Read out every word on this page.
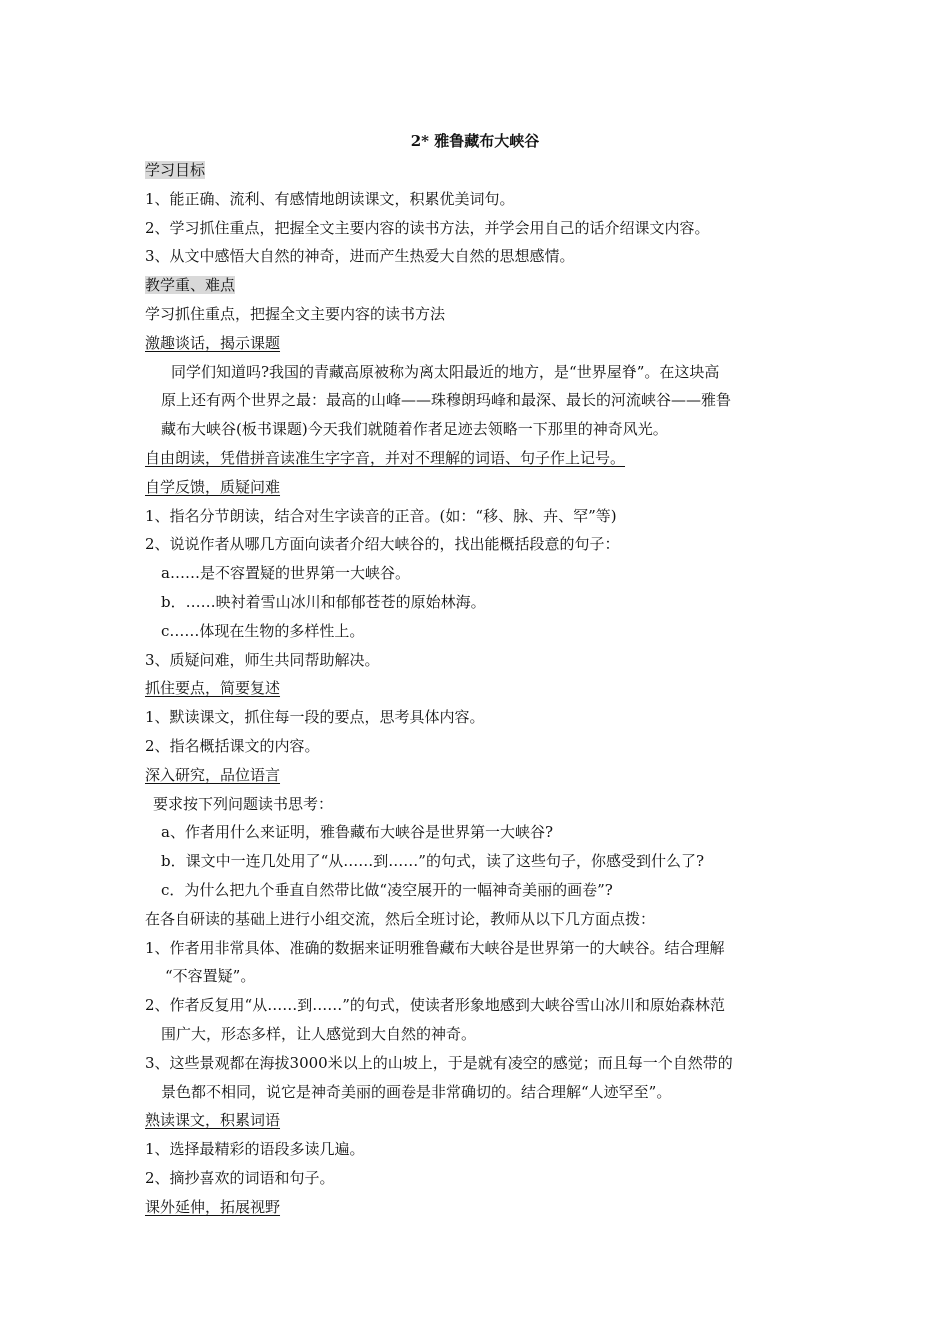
2* 雅鲁藏布大峡谷
学习目标
1、能正确、流利、有感情地朗读课文，积累优美词句。
2、学习抓住重点，把握全文主要内容的读书方法，并学会用自己的话介绍课文内容。
3、从文中感悟大自然的神奇，进而产生热爱大自然的思想感情。
教学重、难点
学习抓住重点，把握全文主要内容的读书方法
激趣谈话，揭示课题
同学们知道吗?我国的青藏高原被称为离太阳最近的地方，是“世界屋脊”。在这块高
原上还有两个世界之最：最高的山峰——珠穆朗玛峰和最深、最长的河流峡谷——雅鲁
藏布大峡谷(板书课题)今天我们就随着作者足迹去领略一下那里的神奇风光。
自由朗读，凭借拼音读准生字字音，并对不理解的词语、句子作上记号。
自学反馈，质疑问难
1、指名分节朗读，结合对生字读音的正音。(如：“移、脉、卉、罕”等)
2、说说作者从哪几方面向读者介绍大峡谷的，找出能概括段意的句子：
a……是不容置疑的世界第一大峡谷。
b．……映衬着雪山冰川和郁郁苍苍的原始林海。
c……体现在生物的多样性上。
3、质疑问难，师生共同帮助解决。
抓住要点，简要复述
1、默读课文，抓住每一段的要点，思考具体内容。
2、指名概括课文的内容。
深入研究，品位语言
要求按下列问题读书思考：
a、作者用什么来证明，雅鲁藏布大峡谷是世界第一大峡谷?
b．课文中一连几处用了“从……到……”的句式，读了这些句子，你感受到什么了?
c．为什么把九个垂直自然带比做“凌空展开的一幅神奇美丽的画卷”?
在各自研读的基础上进行小组交流，然后全班讨论，教师从以下几方面点拨：
1、作者用非常具体、准确的数据来证明雅鲁藏布大峡谷是世界第一的大峡谷。结合理解
“不容置疑”。
2、作者反复用“从……到……”的句式，使读者形象地感到大峡谷雪山冰川和原始森林范
围广大，形态多样，让人感觉到大自然的神奇。
3、这些景观都在海拔3000米以上的山坡上，于是就有凌空的感觉；而且每一个自然带的
景色都不相同，说它是神奇美丽的画卷是非常确切的。结合理解“人迹罕至”。
熟读课文，积累词语
1、选择最精彩的语段多读几遍。
2、摘抄喜欢的词语和句子。
课外延伸，拓展视野
